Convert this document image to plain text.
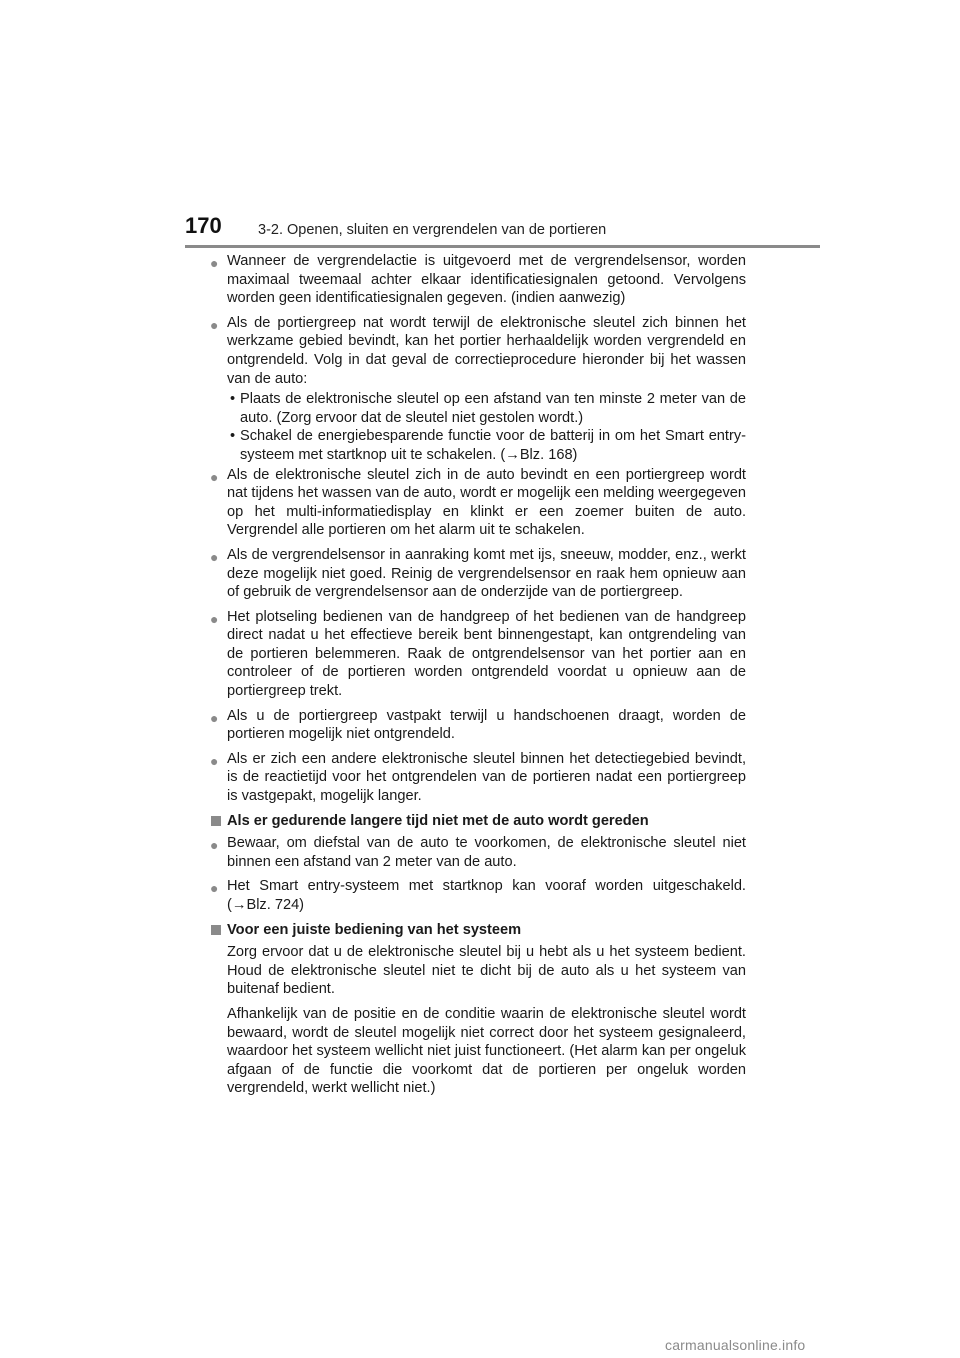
170	3-2. Openen, sluiten en vergrendelen van de portieren
● Wanneer de vergrendelactie is uitgevoerd met de vergrendelsensor, worden maximaal tweemaal achter elkaar identificatiesignalen getoond. Vervolgens worden geen identificatiesignalen gegeven. (indien aanwezig)
● Als de portiergreep nat wordt terwijl de elektronische sleutel zich binnen het werkzame gebied bevindt, kan het portier herhaaldelijk worden vergrendeld en ontgrendeld. Volg in dat geval de correctieprocedure hieronder bij het wassen van de auto:
• Plaats de elektronische sleutel op een afstand van ten minste 2 meter van de auto. (Zorg ervoor dat de sleutel niet gestolen wordt.)
• Schakel de energiebesparende functie voor de batterij in om het Smart entry-systeem met startknop uit te schakelen. (→Blz. 168)
● Als de elektronische sleutel zich in de auto bevindt en een portiergreep wordt nat tijdens het wassen van de auto, wordt er mogelijk een melding weergegeven op het multi-informatiedisplay en klinkt er een zoemer buiten de auto. Vergrendel alle portieren om het alarm uit te schakelen.
● Als de vergrendelsensor in aanraking komt met ijs, sneeuw, modder, enz., werkt deze mogelijk niet goed. Reinig de vergrendelsensor en raak hem opnieuw aan of gebruik de vergrendelsensor aan de onderzijde van de portiergreep.
● Het plotseling bedienen van de handgreep of het bedienen van de handgreep direct nadat u het effectieve bereik bent binnengestapt, kan ontgrendeling van de portieren belemmeren. Raak de ontgrendelsensor van het portier aan en controleer of de portieren worden ontgrendeld voordat u opnieuw aan de portiergreep trekt.
● Als u de portiergreep vastpakt terwijl u handschoenen draagt, worden de portieren mogelijk niet ontgrendeld.
● Als er zich een andere elektronische sleutel binnen het detectiegebied bevindt, is de reactietijd voor het ontgrendelen van de portieren nadat een portiergreep is vastgepakt, mogelijk langer.
Als er gedurende langere tijd niet met de auto wordt gereden
● Bewaar, om diefstal van de auto te voorkomen, de elektronische sleutel niet binnen een afstand van 2 meter van de auto.
● Het Smart entry-systeem met startknop kan vooraf worden uitgeschakeld. (→Blz. 724)
Voor een juiste bediening van het systeem
Zorg ervoor dat u de elektronische sleutel bij u hebt als u het systeem bedient. Houd de elektronische sleutel niet te dicht bij de auto als u het systeem van buitenaf bedient.
Afhankelijk van de positie en de conditie waarin de elektronische sleutel wordt bewaard, wordt de sleutel mogelijk niet correct door het systeem gesignaleerd, waardoor het systeem wellicht niet juist functioneert. (Het alarm kan per ongeluk afgaan of de functie die voorkomt dat de portieren per ongeluk worden vergrendeld, werkt wellicht niet.)
carmanualsonline.info
